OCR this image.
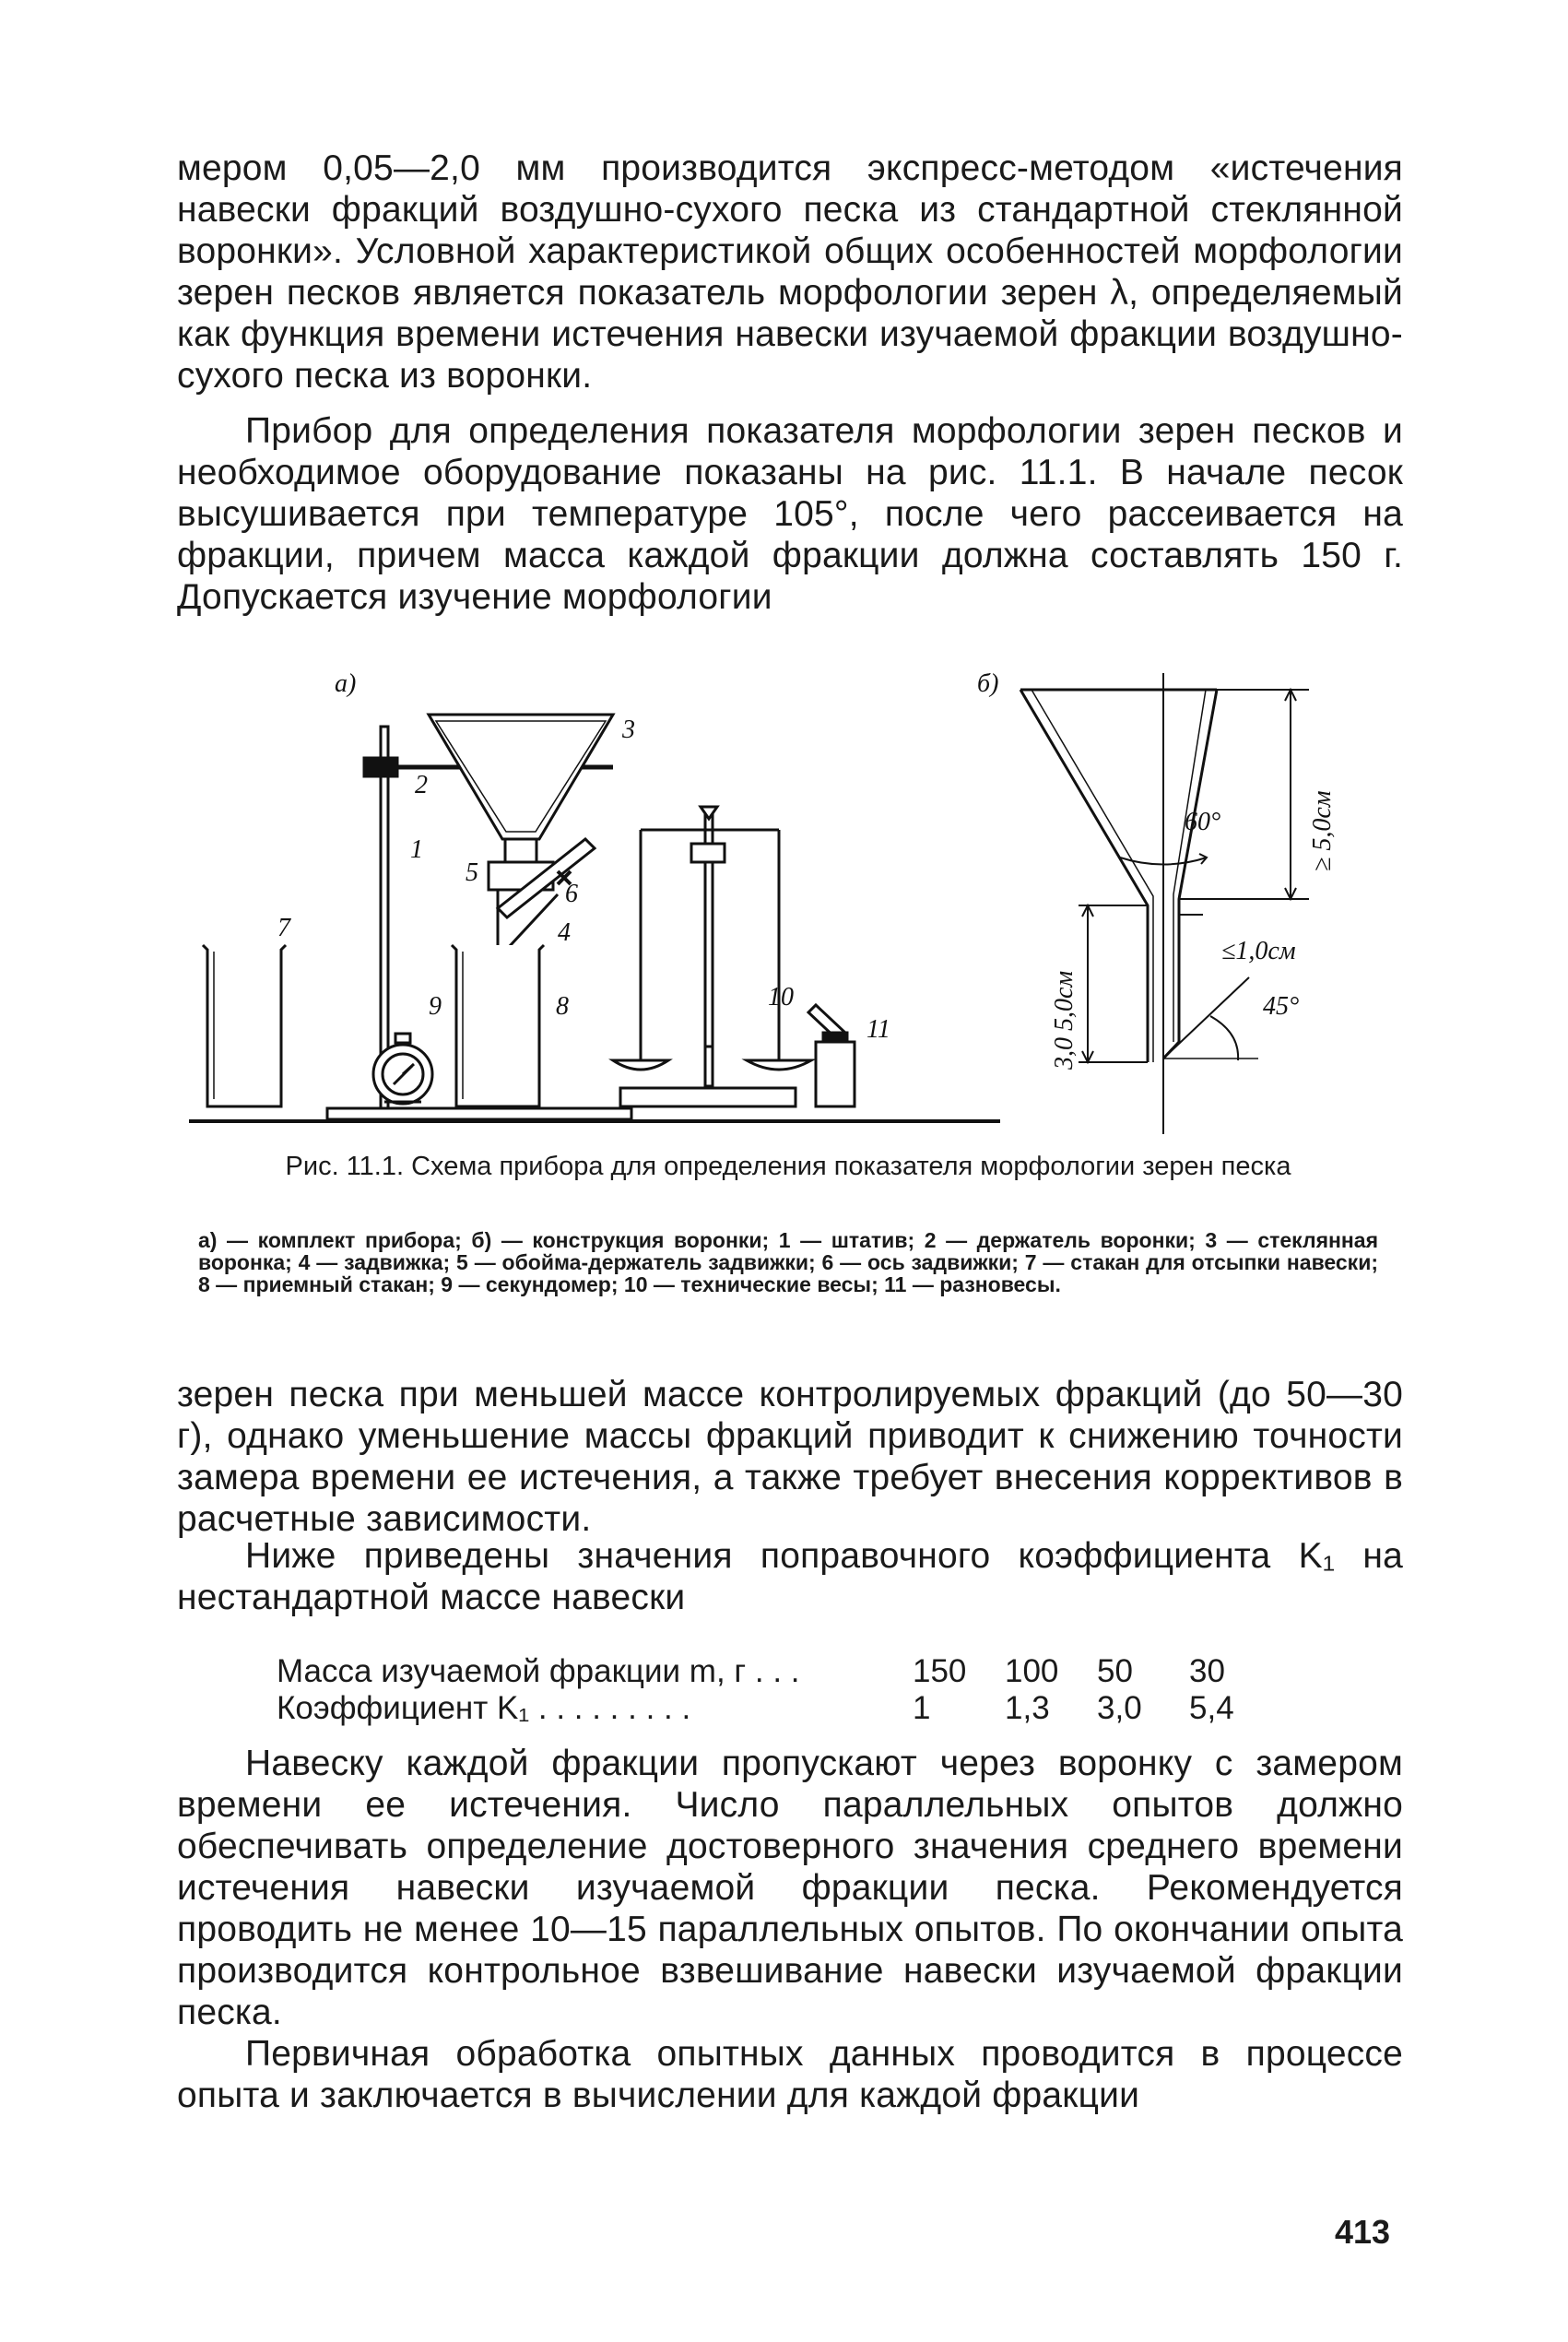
мером 0,05—2,0 мм производится экспресс-методом «истечения навески фракций воздушно-сухого песка из стандартной стеклянной воронки». Условной характеристикой общих особенностей морфологии зерен песков является показатель морфологии зерен λ, определяемый как функция времени истечения навески изучаемой фракции воздушно-сухого песка из воронки.

Прибор для определения показателя морфологии зерен песков и необходимое оборудование показаны на рис. 11.1. В начале песок высушивается при температуре 105°, после чего рассеивается на фракции, причем масса каждой фракции должна составлять 150 г. Допускается изучение морфологии

а)	б)
1
2
3
4
5
6
7
8
9	10
11
60°
≤1,0см
45°
≥ 5,0см
3,0 5,0см

Рис. 11.1. Схема прибора для определения показателя морфологии зерен песка

а) — комплект прибора; б) — конструкция воронки; 1 — штатив; 2 — держатель воронки; 3 — стеклянная воронка; 4 — задвижка; 5 — обойма-держатель задвижки; 6 — ось задвижки; 7 — стакан для отсыпки навески; 8 — приемный стакан; 9 — секундомер; 10 — технические весы; 11 — разновесы.

зерен песка при меньшей массе контролируемых фракций (до 50—30 г), однако уменьшение массы фракций приводит к снижению точности замера времени ее истечения, а также требует внесения коррективов в расчетные зависимости.

Ниже приведены значения поправочного коэффициента K₁ на нестандартной массе навески

Масса изучаемой фракции m, г . . .	150	100	50	30
Коэффициент K₁ . . . . . . . . .	1	1,3	3,0	5,4

Навеску каждой фракции пропускают через воронку с замером времени ее истечения. Число параллельных опытов должно обеспечивать определение достоверного значения среднего времени истечения навески изучаемой фракции песка. Рекомендуется проводить не менее 10—15 параллельных опытов. По окончании опыта производится контрольное взвешивание навески изучаемой фракции песка.

Первичная обработка опытных данных проводится в процессе опыта и заключается в вычислении для каждой фракции

413
